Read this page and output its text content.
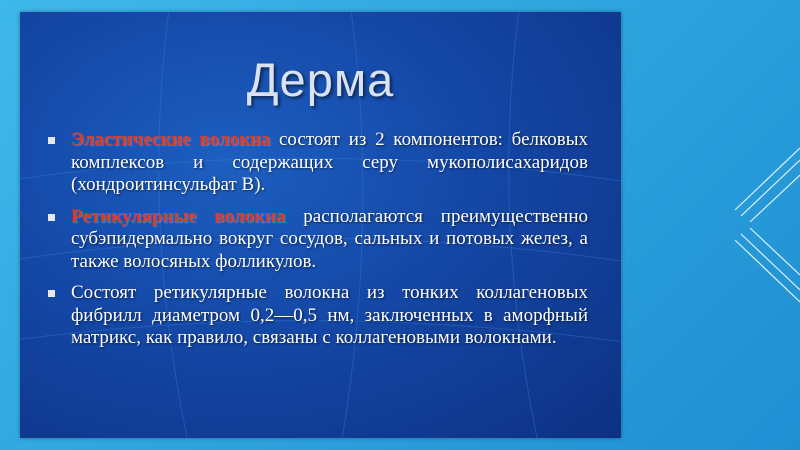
Дерма

Эластические волокна состоят из 2 компонентов: белковых комплексов и содержащих серу мукополисахаридов (хондроитинсульфат В).

Ретикулярные волокна располагаются преимущественно субэпидермально вокруг сосудов, сальных и потовых желез, а также волосяных фолликулов.

Состоят ретикулярные волокна из тонких коллагеновых фибрилл диаметром 0,2—0,5 нм, заключенных в аморфный матрикс, как правило, связаны с коллагеновыми волокнами.
